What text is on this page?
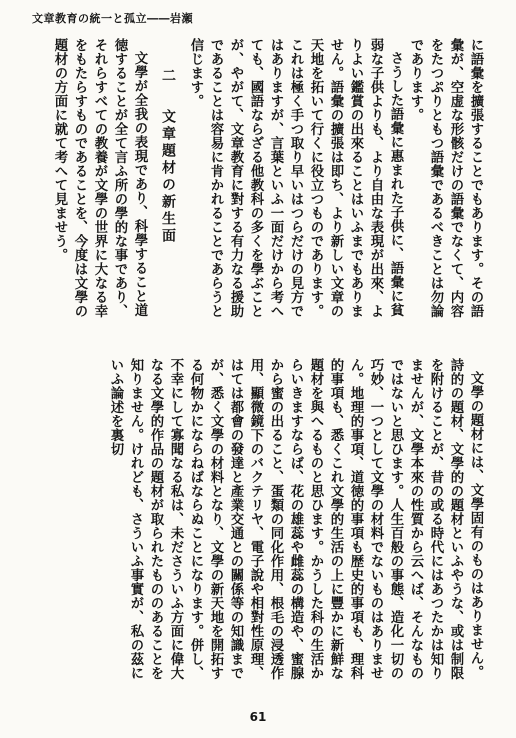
文章教育の統一と孤立――岩瀬

に語彙を擴張することでもあります。その語彙が、空虚な形骸だけの語彙でなくて、内容をたつぷりともつ語彙であるべきことは勿論であります。

さうした語彙に惠まれた子供に、語彙に貧弱な子供よりも、より自由な表現が出來、よりよい鑑賞の出來ることはいふまでもありません。語彙の擴張は即ち、より新しい文章の天地を拓いて行くに役立つものであります。これは極く手つ取り早いはつらだけの見方ではありますが、言葉といふ一面だけから考へても、國語ならざる他教科の多くを學ぶことが、やがて、文章教育に對する有力なる援助であることは容易に肯かれることであらうと信じます。

二 文章題材の新生面

文學が全我の表現であり、科學すること道徳することが全て言ふ所の學的な事であり、それらすべての教養が文學の世界に大なる幸をもたらすものであることを、今度は文學の題材の方面に就て考へて見ませう。

文學の題材には、文學固有のものはありません。詩的の題材、文學的の題材といふやうな、或は制限を附けることが、昔の或る時代にはあつたかは知りませんが、文學本來の性質から云へば、そんなものではないと思ひます。人生百般の事態、造化一切の巧妙、一つとして文學の材料でないものはありません。地理的事項、道徳的事項も歴史的事項も、理科的事項も、悉くこれ文學的生活の上に豐かに新鮮な題材を與へるものと思ひます。かうした科の生活からいきますならば、花の雄蕊や雌蕊の構造や、蜜腺から蜜の出ること、蛋類の同化作用、根毛の浸透作用、顯微鏡下のバクテリヤ、電子說や相對性原理、はては都會の發達と產業交通との關係等の知識までが、悉く文學の材料となり、文學の新天地を開拓する何物かにならねばならぬことになります。併し、不幸にして寡聞なる私は、未ださういふ方面に偉大なる文學的作品の題材が取られたもののあることを知りません。けれども、さういふ事實が、私の茲にいふ論述を裏切

61
